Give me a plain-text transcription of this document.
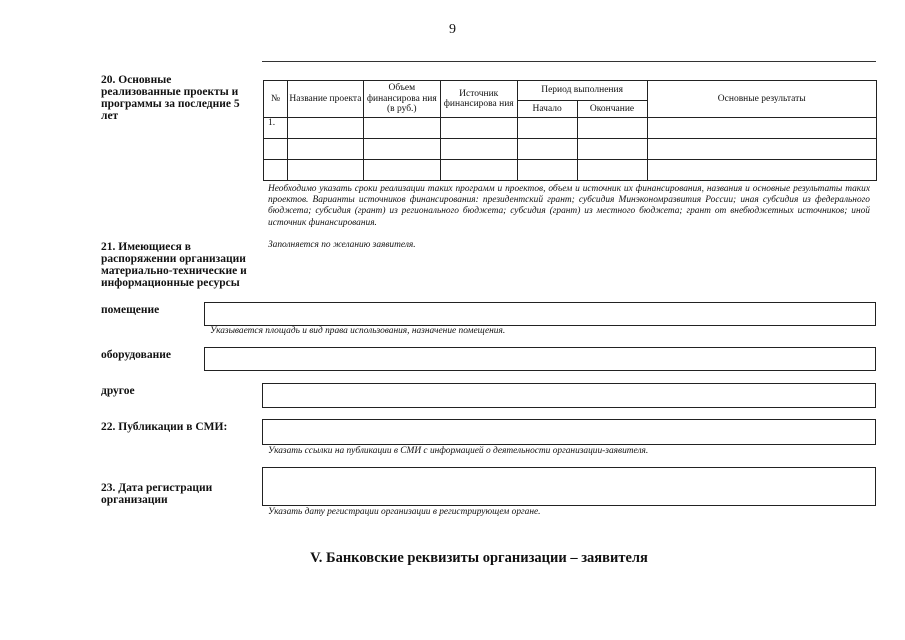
9
20. Основные реализованные проекты и программы за последние 5 лет
№	Название проекта	Объем финансирова ния (в руб.)	Источник финансирова ния	Период выполнения		Основные результаты
				Начало	Окончание	
1.						

Необходимо указать сроки реализации таких программ и проектов, объем и источник их финансирования, названия и основные результаты таких проектов. Варианты источников финансирования: президентский грант; субсидия Минэкономразвития России; иная субсидия из федерального бюджета; субсидия (грант) из регионального бюджета; субсидия (грант) из местного бюджета; грант от внебюджетных источников; иной источник финансирования.
21. Имеющиеся в распоряжении организации материально-технические и информационные ресурсы
Заполняется по желанию заявителя.
помещение
Указывается площадь и вид права использования, назначение помещения.
оборудование
другое
22. Публикации в СМИ:
Указать ссылки на публикации в СМИ с информацией о деятельности организации-заявителя.
23. Дата регистрации организации
Указать дату регистрации организации в регистрирующем органе.
V. Банковские реквизиты организации – заявителя
